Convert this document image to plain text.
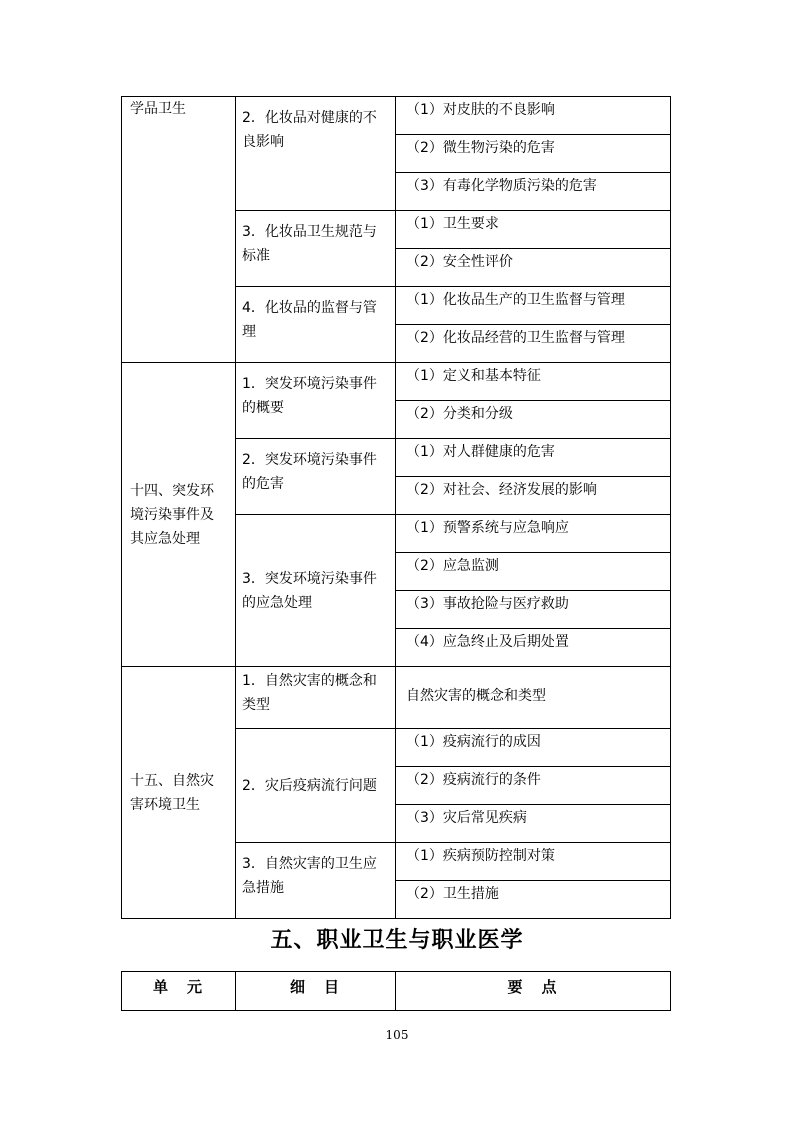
学品卫生	2．化妆品对健康的不良影响	（1）对皮肤的不良影响
		（2）微生物污染的危害
		（3）有毒化学物质污染的危害
	3．化妆品卫生规范与标准	（1）卫生要求
		（2）安全性评价
	4．化妆品的监督与管理	（1）化妆品生产的卫生监督与管理
		（2）化妆品经营的卫生监督与管理
十四、突发环境污染事件及其应急处理	1．突发环境污染事件的概要	（1）定义和基本特征
		（2）分类和分级
	2．突发环境污染事件的危害	（1）对人群健康的危害
		（2）对社会、经济发展的影响
	3．突发环境污染事件的应急处理	（1）预警系统与应急响应
		（2）应急监测
		（3）事故抢险与医疗救助
		（4）应急终止及后期处置
十五、自然灾害环境卫生	1．自然灾害的概念和类型	自然灾害的概念和类型
	2．灾后疫病流行问题	（1）疫病流行的成因
		（2）疫病流行的条件
		（3）灾后常见疾病
	3．自然灾害的卫生应急措施	（1）疾病预防控制对策
		（2）卫生措施
五、职业卫生与职业医学
单　元	细　目	要　点
105
